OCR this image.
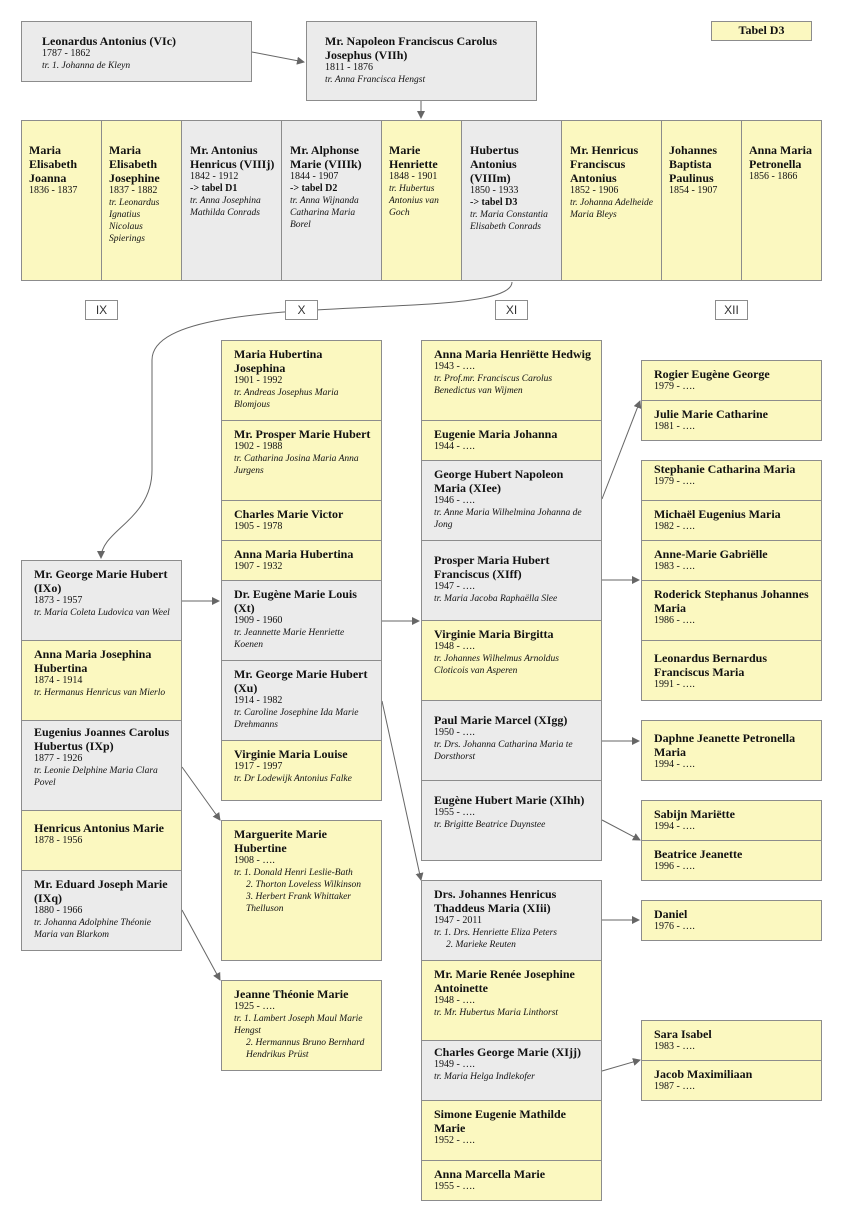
Tabel D3
Leonardus Antonius (VIc)
1787 - 1862
tr. 1. Johanna de Kleyn
Mr. Napoleon Franciscus Carolus Josephus (VIIh)
1811 - 1876
tr. Anna Francisca Hengst
Maria Elisabeth Joanna
1836 - 1837
Maria Elisabeth Josephine
1837 - 1882
tr. Leonardus Ignatius Nicolaus Spierings
Mr. Antonius Henricus (VIIIj)
1842 - 1912
-> tabel D1
tr. Anna Josephina Mathilda Conrads
Mr. Alphonse Marie (VIIIk)
1844 - 1907
-> tabel D2
tr. Anna Wijnanda Catharina Maria Borel
Marie Henriette
1848 - 1901
tr. Hubertus Antonius van Goch
Hubertus Antonius (VIIIm)
1850 - 1933
-> tabel D3
tr. Maria Constantia Elisabeth Conrads
Mr. Henricus Franciscus Antonius
1852 - 1906
tr. Johanna Adelheide Maria Bleys
Johannes Baptista Paulinus
1854 - 1907
Anna Maria Petronella
1856 - 1866
IX	X	XI	XII
Mr. George Marie Hubert (IXo)
1873 - 1957
tr. Maria Coleta Ludovica van Weel
Anna Maria Josephina Hubertina
1874 - 1914
tr. Hermanus Henricus van Mierlo
Eugenius Joannes Carolus Hubertus (IXp)
1877 - 1926
tr. Leonie Delphine Maria Clara Povel
Henricus Antonius Marie
1878 - 1956
Mr. Eduard Joseph Marie (IXq)
1880 - 1966
tr. Johanna Adolphine Théonie Maria van Blarkom
Maria Hubertina Josephina
1901 - 1992
tr. Andreas Josephus Maria Blomjous
Mr. Prosper Marie Hubert
1902 - 1988
tr. Catharina Josina Maria Anna Jurgens
Charles Marie Victor
1905 - 1978
Anna Maria Hubertina
1907 - 1932
Dr. Eugène Marie Louis (Xt)
1909 - 1960
tr. Jeannette Marie Henriette Koenen
Mr. George Marie Hubert (Xu)
1914 - 1982
tr. Caroline Josephine Ida Marie Drehmanns
Virginie Maria Louise
1917 - 1997
tr. Dr Lodewijk Antonius Falke
Marguerite Marie Hubertine
1908 - ….
tr. 1. Donald Henri Leslie-Bath
2. Thorton Loveless Wilkinson
3. Herbert Frank Whittaker Thelluson
Jeanne Théonie Marie
1925 - ….
tr. 1. Lambert Joseph Maul Marie Hengst
2. Hermannus Bruno Bernhard Hendrikus Prüst
Anna Maria Henriëtte Hedwig
1943 - ….
tr. Prof.mr. Franciscus Carolus Benedictus van Wijmen
Eugenie Maria Johanna
1944 - ….
George Hubert Napoleon Maria (XIee)
1946 - ….
tr. Anne Maria Wilhelmina Johanna de Jong
Prosper Maria Hubert Franciscus (XIff)
1947 - ….
tr. Maria Jacoba Raphaëlla Slee
Virginie Maria Birgitta
1948 - ….
tr. Johannes Wilhelmus Arnoldus Cloticois van Asperen
Paul Marie Marcel (XIgg)
1950 - ….
tr. Drs. Johanna Catharina Maria te Dorsthorst
Eugène Hubert Marie (XIhh)
1955 - ….
tr. Brigitte Beatrice Duynstee
Drs. Johannes Henricus Thaddeus Maria (XIii)
1947 - 2011
tr. 1. Drs. Henriette Eliza Peters
2. Marieke Reuten
Mr. Marie Renée Josephine Antoinette
1948 - ….
tr. Mr. Hubertus Maria Linthorst
Charles George Marie (XIjj)
1949 - ….
tr. Maria Helga Indlekofer
Simone Eugenie Mathilde Marie
1952 - ….
Anna Marcella Marie
1955 - ….
Rogier Eugène George
1979 - ….
Julie Marie Catharine
1981 - ….
Stephanie Catharina Maria
1979 - ….
Michaël Eugenius Maria
1982 - ….
Anne-Marie Gabriëlle
1983 - ….
Roderick Stephanus Johannes Maria
1986 - ….
Leonardus Bernardus Franciscus Maria
1991 - ….
Daphne Jeanette Petronella Maria
1994 - ….
Sabijn Mariëtte
1994 - ….
Beatrice Jeanette
1996 - ….
Daniel
1976 - ….
Sara Isabel
1983 - ….
Jacob Maximiliaan
1987 - ….
